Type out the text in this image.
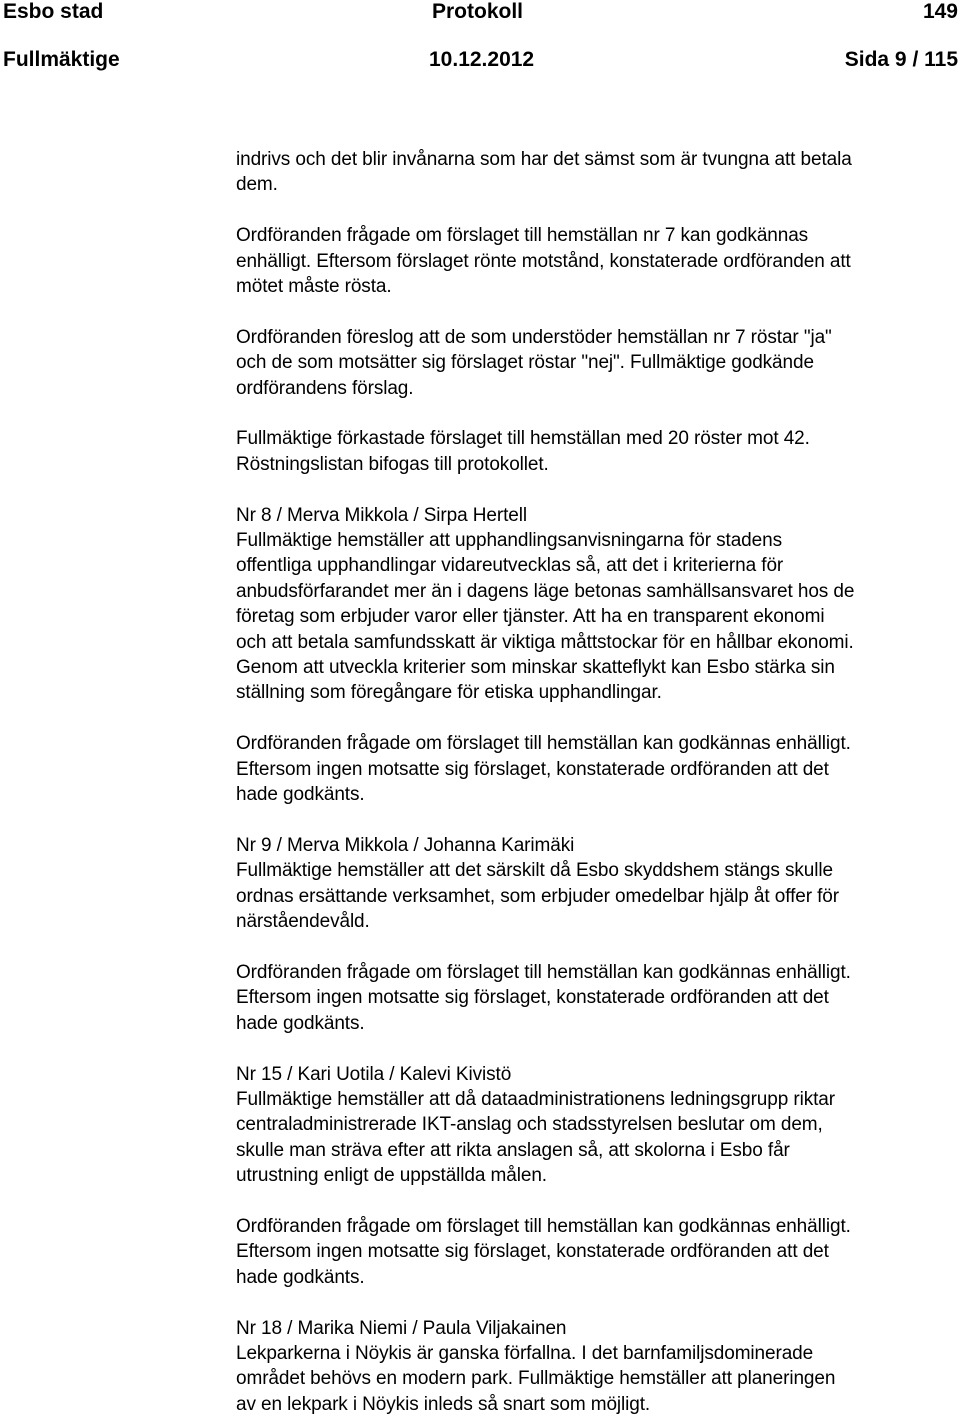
Esbo stad	Protokoll	149
Fullmäktige	10.12.2012	Sida 9 / 115

indrivs och det blir invånarna som har det sämst som är tvungna att betala
dem.

Ordföranden frågade om förslaget till hemställan nr 7 kan godkännas
enhälligt. Eftersom förslaget rönte motstånd, konstaterade ordföranden att
mötet måste rösta.

Ordföranden föreslog att de som understöder hemställan nr 7 röstar "ja"
och de som motsätter sig förslaget röstar "nej". Fullmäktige godkände
ordförandens förslag.

Fullmäktige förkastade förslaget till hemställan med 20 röster mot 42.
Röstningslistan bifogas till protokollet.

Nr 8 / Merva Mikkola / Sirpa Hertell
Fullmäktige hemställer att upphandlingsanvisningarna för stadens
offentliga upphandlingar vidareutvecklas så, att det i kriterierna för
anbudsförfarandet mer än i dagens läge betonas samhällsansvaret hos de
företag som erbjuder varor eller tjänster. Att ha en transparent ekonomi
och att betala samfundsskatt är viktiga måttstockar för en hållbar ekonomi.
Genom att utveckla kriterier som minskar skatteflykt kan Esbo stärka sin
ställning som föregångare för etiska upphandlingar.

Ordföranden frågade om förslaget till hemställan kan godkännas enhälligt.
Eftersom ingen motsatte sig förslaget, konstaterade ordföranden att det
hade godkänts.

Nr 9 / Merva Mikkola / Johanna Karimäki
Fullmäktige hemställer att det särskilt då Esbo skyddshem stängs skulle
ordnas ersättande verksamhet, som erbjuder omedelbar hjälp åt offer för
närståendevåld.

Ordföranden frågade om förslaget till hemställan kan godkännas enhälligt.
Eftersom ingen motsatte sig förslaget, konstaterade ordföranden att det
hade godkänts.

Nr 15 / Kari Uotila / Kalevi Kivistö
Fullmäktige hemställer att då dataadministrationens ledningsgrupp riktar
centraladministrerade IKT-anslag och stadsstyrelsen beslutar om dem,
skulle man sträva efter att rikta anslagen så, att skolorna i Esbo får
utrustning enligt de uppställda målen.

Ordföranden frågade om förslaget till hemställan kan godkännas enhälligt.
Eftersom ingen motsatte sig förslaget, konstaterade ordföranden att det
hade godkänts.

Nr 18 / Marika Niemi / Paula Viljakainen
Lekparkerna i Nöykis är ganska förfallna. I det barnfamiljsdominerade
området behövs en modern park. Fullmäktige hemställer att planeringen
av en lekpark i Nöykis inleds så snart som möjligt.
